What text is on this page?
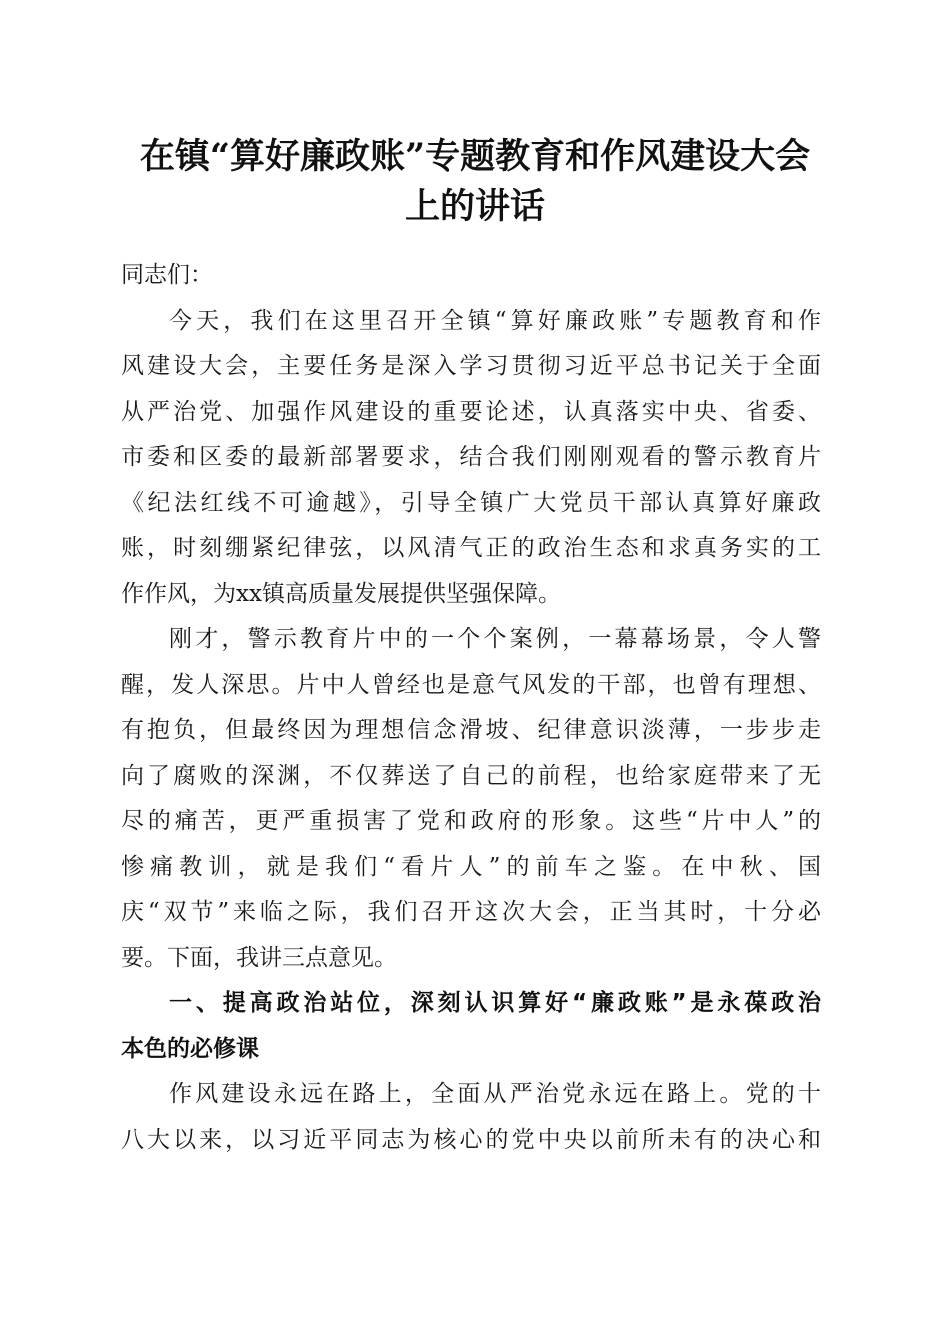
在镇“算好廉政账”专题教育和作风建设大会
上的讲话
同志们：
今天，我们在这里召开全镇“算好廉政账”专题教育和作
风建设大会，主要任务是深入学习贯彻习近平总书记关于全面
从严治党、加强作风建设的重要论述，认真落实中央、省委、
市委和区委的最新部署要求，结合我们刚刚观看的警示教育片
《纪法红线不可逾越》，引导全镇广大党员干部认真算好廉政
账，时刻绷紧纪律弦，以风清气正的政治生态和求真务实的工
作作风，为xx镇高质量发展提供坚强保障。
刚才，警示教育片中的一个个案例，一幕幕场景，令人警
醒，发人深思。片中人曾经也是意气风发的干部，也曾有理想、
有抱负，但最终因为理想信念滑坡、纪律意识淡薄，一步步走
向了腐败的深渊，不仅葬送了自己的前程，也给家庭带来了无
尽的痛苦，更严重损害了党和政府的形象。这些“片中人”的
惨痛教训，就是我们“看片人”的前车之鉴。在中秋、国
庆“双节”来临之际，我们召开这次大会，正当其时，十分必
要。下面，我讲三点意见。
一、提高政治站位，深刻认识算好“廉政账”是永葆政治
本色的必修课
作风建设永远在路上，全面从严治党永远在路上。党的十
八大以来，以习近平同志为核心的党中央以前所未有的决心和
